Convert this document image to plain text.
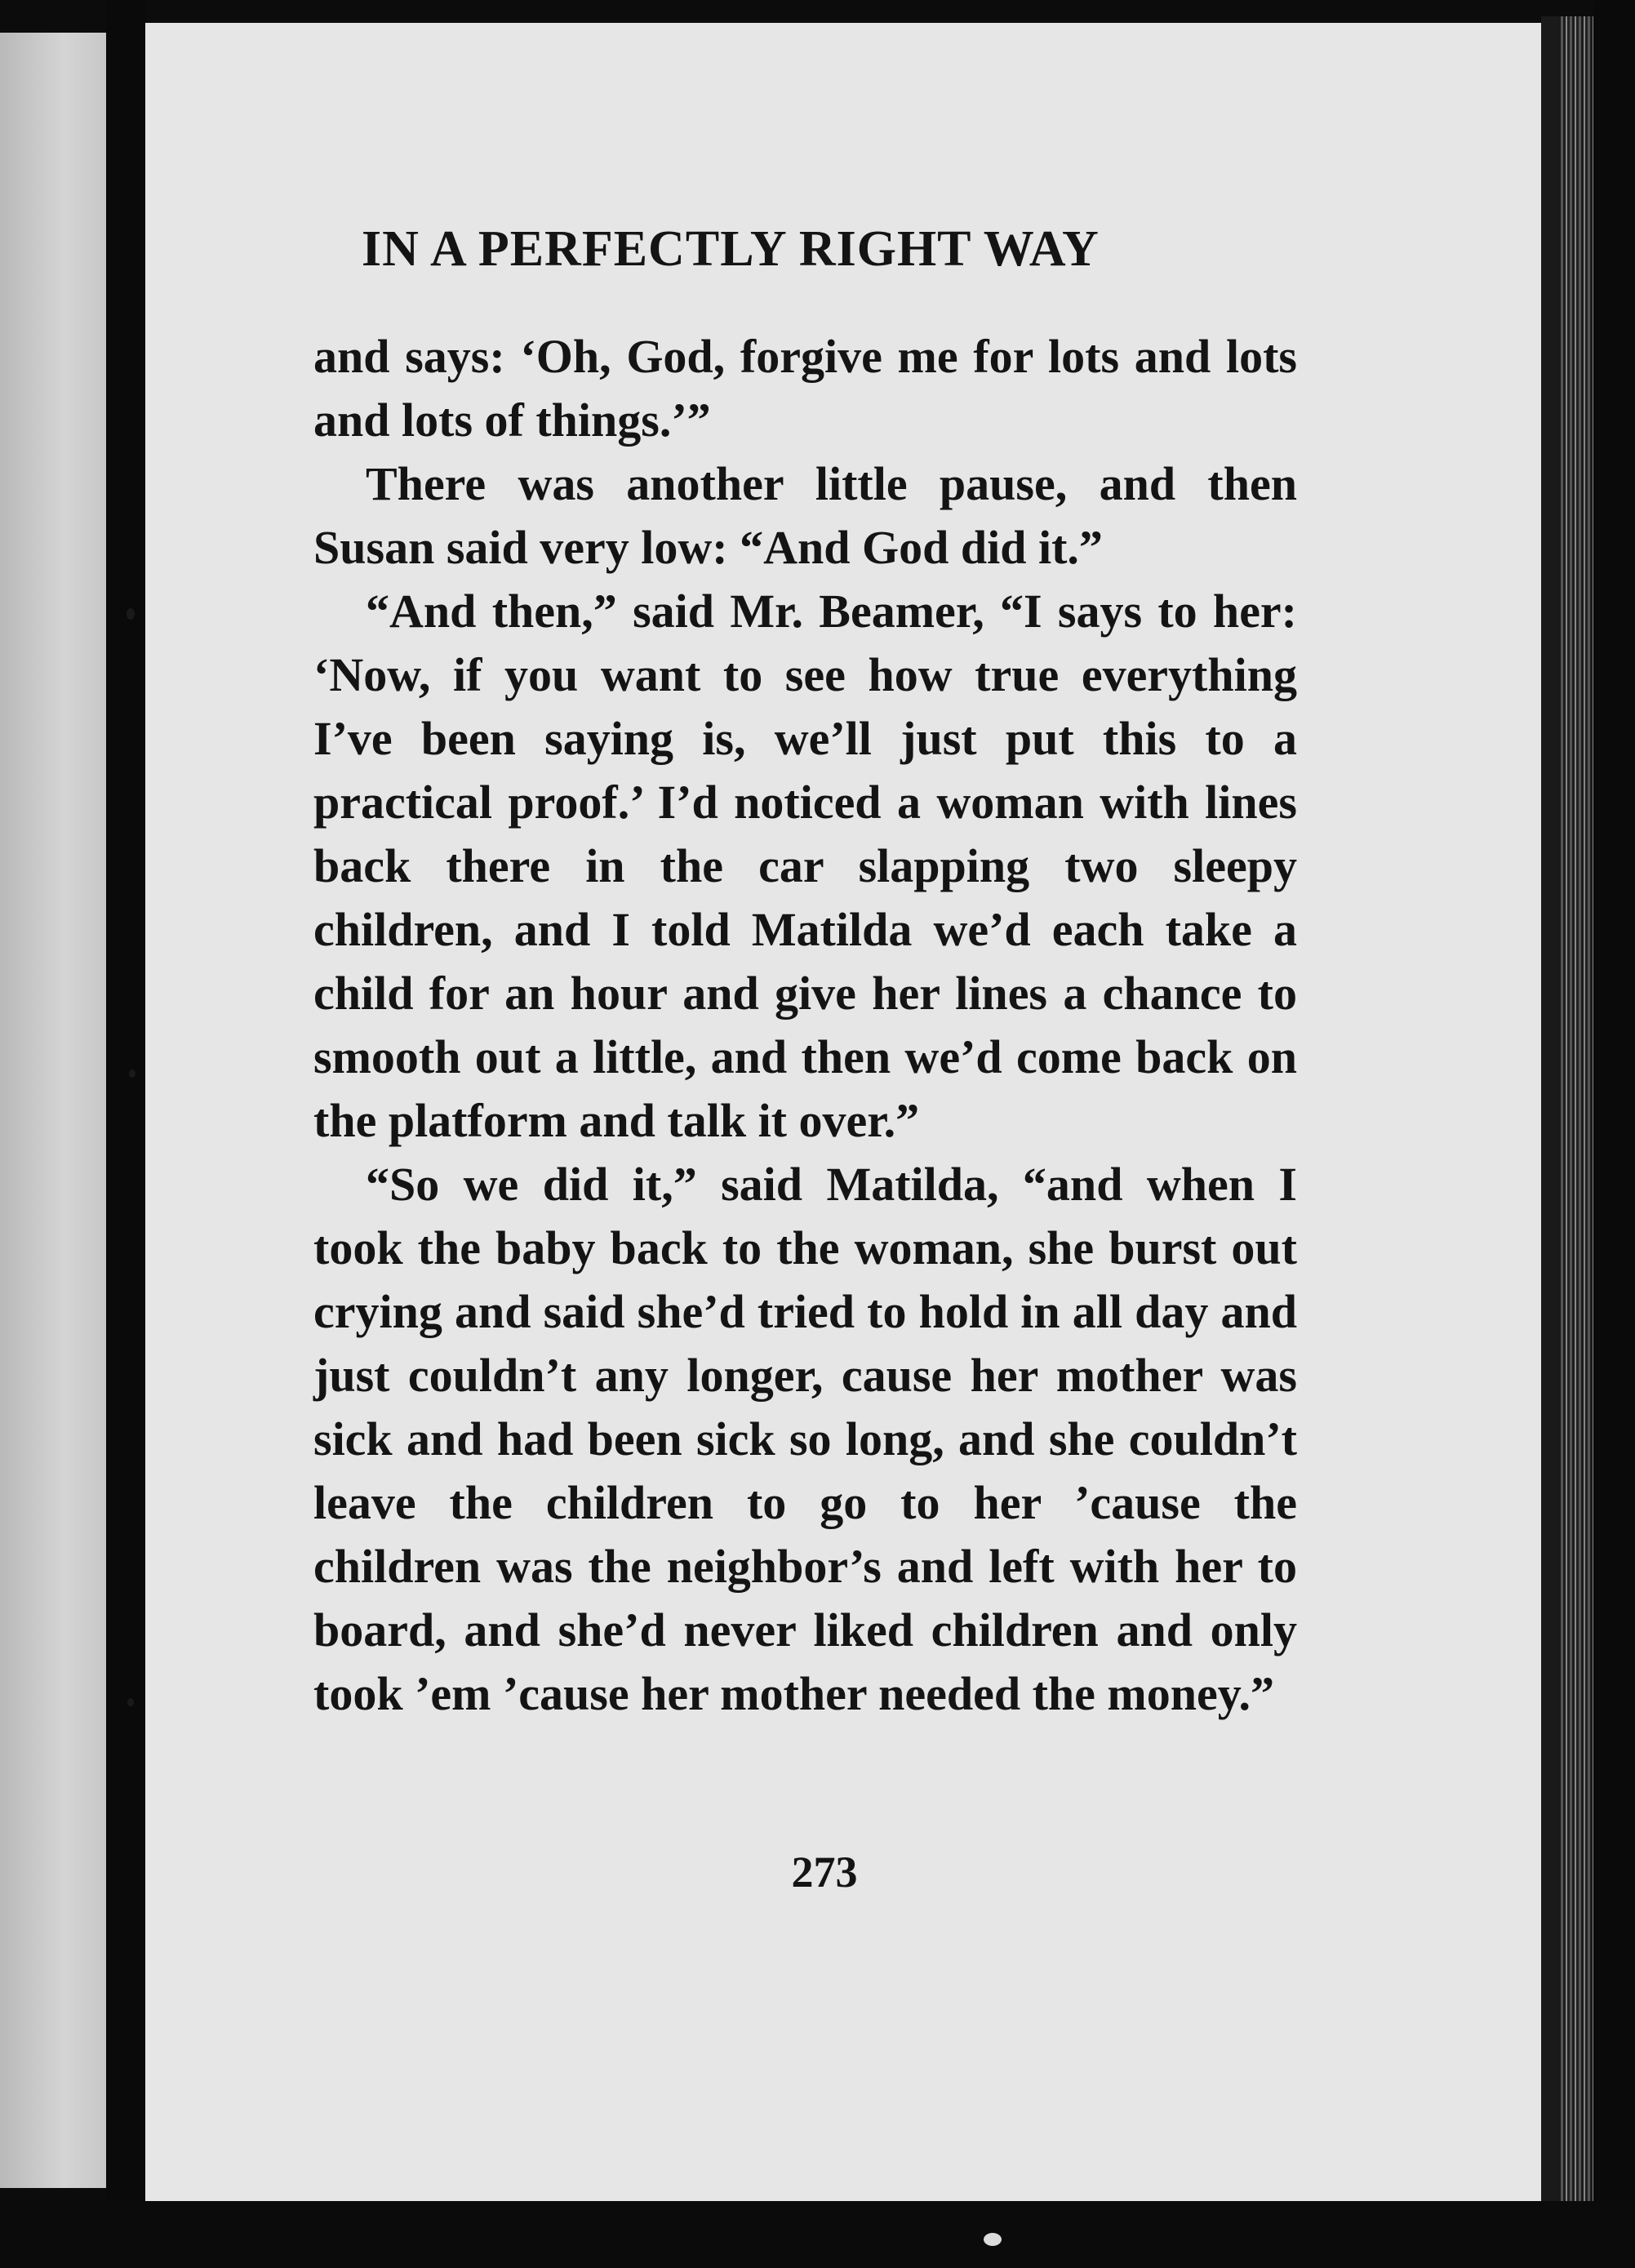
IN A PERFECTLY RIGHT WAY

and says: ‘Oh, God, forgive me for lots and lots and lots of things.’”

There was another little pause, and then Susan said very low: “And God did it.”

“And then,” said Mr. Beamer, “I says to her: ‘Now, if you want to see how true everything I’ve been saying is, we’ll just put this to a practical proof.’ I’d noticed a woman with lines back there in the car slapping two sleepy children, and I told Matilda we’d each take a child for an hour and give her lines a chance to smooth out a little, and then we’d come back on the platform and talk it over.”

“So we did it,” said Matilda, “and when I took the baby back to the woman, she burst out crying and said she’d tried to hold in all day and just couldn’t any longer, cause her mother was sick and had been sick so long, and she couldn’t leave the children to go to her ’cause the children was the neighbor’s and left with her to board, and she’d never liked children and only took ’em ’cause her mother needed the money.”

273
